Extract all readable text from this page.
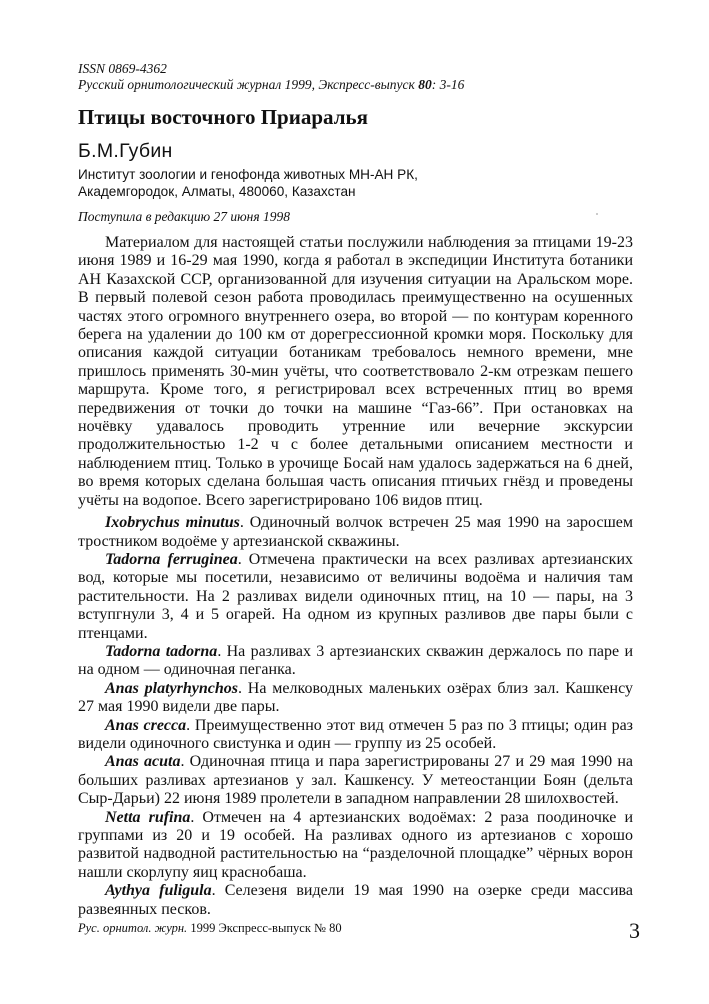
ISSN 0869-4362
Русский орнитологический журнал 1999, Экспресс-выпуск 80: 3-16
Птицы восточного Приаралья
Б.М.Губин
Институт зоологии и генофонда животных МН-АН РК,
Академгородок, Алматы, 480060, Казахстан
Поступила в редакцию 27 июня 1998

Материалом для настоящей статьи послужили наблюдения за птицами 19-23 июня 1989 и 16-29 мая 1990, когда я работал в экспедиции Института ботаники АН Казахской ССР, организованной для изучения ситуации на Аральском море. В первый полевой сезон работа проводилась преимущественно на осушенных частях этого огромного внутреннего озера, во второй — по контурам коренного берега на удалении до 100 км от дорегрессионной кромки моря. Поскольку для описания каждой ситуации ботаникам требовалось немного времени, мне пришлось применять 30-мин учёты, что соответствовало 2-км отрезкам пешего маршрута. Кроме того, я регистрировал всех встреченных птиц во время передвижения от точки до точки на машине “Газ-66”. При остановках на ночёвку удавалось проводить утренние или вечерние экскурсии продолжительностью 1-2 ч с более детальными описанием местности и наблюдением птиц. Только в урочище Босай нам удалось задержаться на 6 дней, во время которых сделана большая часть описания птичьих гнёзд и проведены учёты на водопое. Всего зарегистрировано 106 видов птиц.

Ixobrychus minutus. Одиночный волчок встречен 25 мая 1990 на заросшем тростником водоёме у артезианской скважины.

Tadorna ferruginea. Отмечена практически на всех разливах артезианских вод, которые мы посетили, независимо от величины водоёма и наличия там растительности. На 2 разливах видели одиночных птиц, на 10 — пары, на 3 вступгнули 3, 4 и 5 огарей. На одном из крупных разливов две пары были с птенцами.

Tadorna tadorna. На разливах 3 артезианских скважин держалось по паре и на одном — одиночная пеганка.

Anas platyrhynchos. На мелководных маленьких озёрах близ зал. Кашкенсу 27 мая 1990 видели две пары.

Anas crecca. Преимущественно этот вид отмечен 5 раз по 3 птицы; один раз видели одиночного свистунка и один — группу из 25 особей.

Anas acuta. Одиночная птица и пара зарегистрированы 27 и 29 мая 1990 на больших разливах артезианов у зал. Кашкенсу. У метеостанции Боян (дельта Сыр-Дарьи) 22 июня 1989 пролетели в западном направлении 28 шилохвостей.

Netta rufina. Отмечен на 4 артезианских водоёмах: 2 раза поодиночке и группами из 20 и 19 особей. На разливах одного из артезианов с хорошо развитой надводной растительностью на “разделочной площадке” чёрных ворон нашли скорлупу яиц краснобаша.

Aythya fuligula. Селезеня видели 19 мая 1990 на озерке среди массива развеянных песков.

Рус. орнитол. журн. 1999 Экспресс-выпуск № 80	3
